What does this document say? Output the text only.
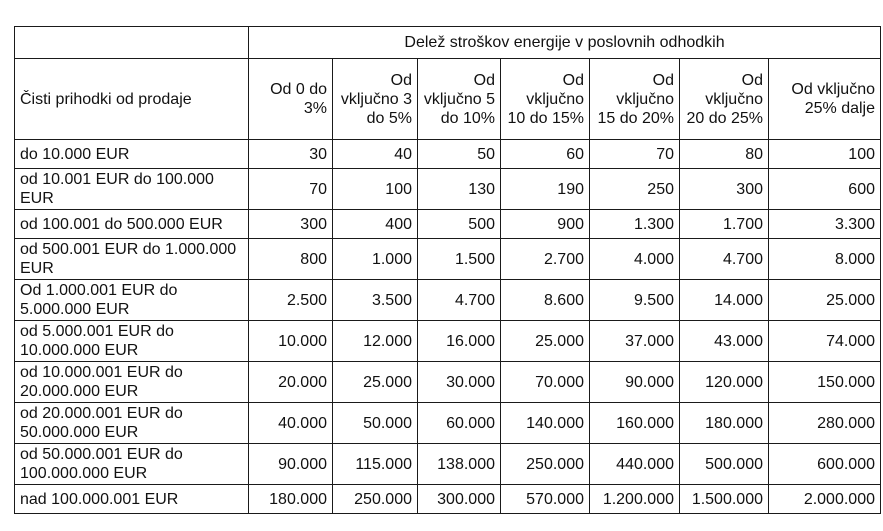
	Delež stroškov energije v poslovnih odhodkih						
Čisti prihodki od prodaje	Od 0 do 3%	Od vključno 3 do 5%	Od vključno 5 do 10%	Od vključno 10 do 15%	Od vključno 15 do 20%	Od vključno 20 do 25%	Od vključno 25% dalje
do 10.000 EUR	30	40	50	60	70	80	100
od 10.001 EUR do 100.000 EUR	70	100	130	190	250	300	600
od 100.001 do 500.000 EUR	300	400	500	900	1.300	1.700	3.300
od 500.001 EUR do 1.000.000 EUR	800	1.000	1.500	2.700	4.000	4.700	8.000
Od 1.000.001 EUR do 5.000.000 EUR	2.500	3.500	4.700	8.600	9.500	14.000	25.000
od 5.000.001 EUR do 10.000.000 EUR	10.000	12.000	16.000	25.000	37.000	43.000	74.000
od 10.000.001 EUR do 20.000.000 EUR	20.000	25.000	30.000	70.000	90.000	120.000	150.000
od 20.000.001 EUR do 50.000.000 EUR	40.000	50.000	60.000	140.000	160.000	180.000	280.000
od 50.000.001 EUR do 100.000.000 EUR	90.000	115.000	138.000	250.000	440.000	500.000	600.000
nad 100.000.001 EUR	180.000	250.000	300.000	570.000	1.200.000	1.500.000	2.000.000
